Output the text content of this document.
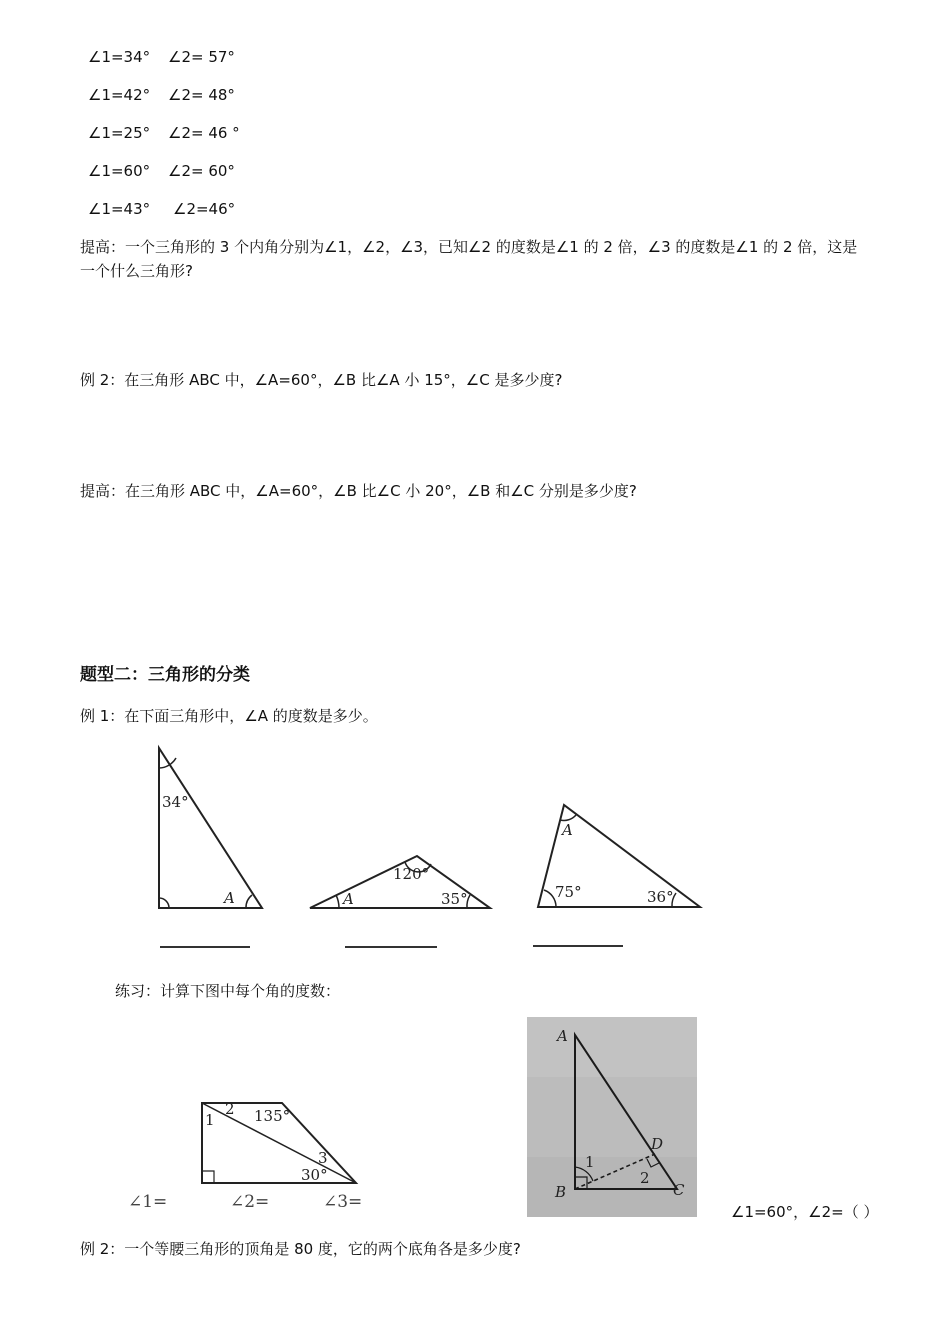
∠1=34° ∠2= 57°
∠1=42° ∠2= 48°
∠1=25° ∠2= 46 °
∠1=60° ∠2= 60°
∠1=43° ∠2=46°
提高：一个三角形的 3 个内角分别为∠1，∠2，∠3，已知∠2 的度数是∠1 的 2 倍，∠3 的度数是∠1 的 2 倍，这是
一个什么三角形?
例 2：在三角形 ABC 中，∠A=60°，∠B 比∠A 小 15°，∠C 是多少度?
提高：在三角形 ABC 中，∠A=60°，∠B 比∠C 小 20°，∠B 和∠C 分别是多少度?
题型二：三角形的分类
例 1：在下面三角形中，∠A 的度数是多少。
34°
A
120°
A	35°
A
75°	36°
练习：计算下图中每个角的度数：
1
2 135°
3
30°
∠1=	∠2=	∠3=
A
B	C
D
1
2
∠1=60°，∠2=（ ）
例 2：一个等腰三角形的顶角是 80 度，它的两个底角各是多少度?
